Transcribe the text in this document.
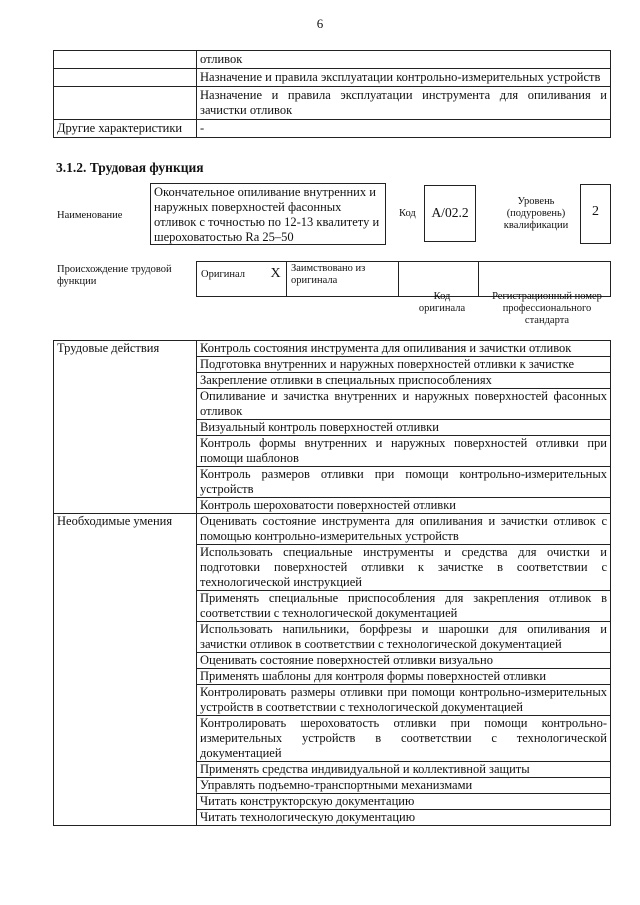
6
	отливок
	Назначение и правила эксплуатации контрольно-измерительных устройств
	Назначение и правила эксплуатации инструмента для опиливания и зачистки отливок
Другие характеристики	-
3.1.2. Трудовая функция
Наименование
Окончательное опиливание внутренних и наружных поверхностей фасонных отливок с точностью по 12-13 квалитету и шероховатостью Ra 25–50
Код	А/02.2
Уровень (подуровень) квалификации
2
Происхождение трудовой функции
Оригинал	X	Заимствовано из оригинала		
Код оригинала
Регистрационный номер профессионального стандарта
Трудовые действия	Контроль состояния инструмента для опиливания и зачистки отливок
	Подготовка внутренних и наружных поверхностей отливки к зачистке
	Закрепление отливки в специальных приспособлениях
	Опиливание и зачистка внутренних и наружных поверхностей фасонных отливок
	Визуальный контроль поверхностей отливки
	Контроль формы внутренних и наружных поверхностей отливки при помощи шаблонов
	Контроль размеров отливки при помощи контрольно-измерительных устройств
	Контроль шероховатости поверхностей отливки
Необходимые умения	Оценивать состояние инструмента для опиливания и зачистки отливок с помощью контрольно-измерительных устройств
	Использовать специальные инструменты и средства для очистки и подготовки поверхностей отливки к зачистке в соответствии с технологической инструкцией
	Применять специальные приспособления для закрепления отливок в соответствии с технологической документацией
	Использовать напильники, борфрезы и шарошки для опиливания и зачистки отливок в соответствии с технологической документацией
	Оценивать состояние поверхностей отливки визуально
	Применять шаблоны для контроля формы поверхностей отливки
	Контролировать размеры отливки при помощи контрольно-измерительных устройств в соответствии с технологической документацией
	Контролировать шероховатость отливки при помощи контрольно-измерительных устройств в соответствии с технологической документацией
	Применять средства индивидуальной и коллективной защиты
	Управлять подъемно-транспортными механизмами
	Читать конструкторскую документацию
	Читать технологическую документацию
